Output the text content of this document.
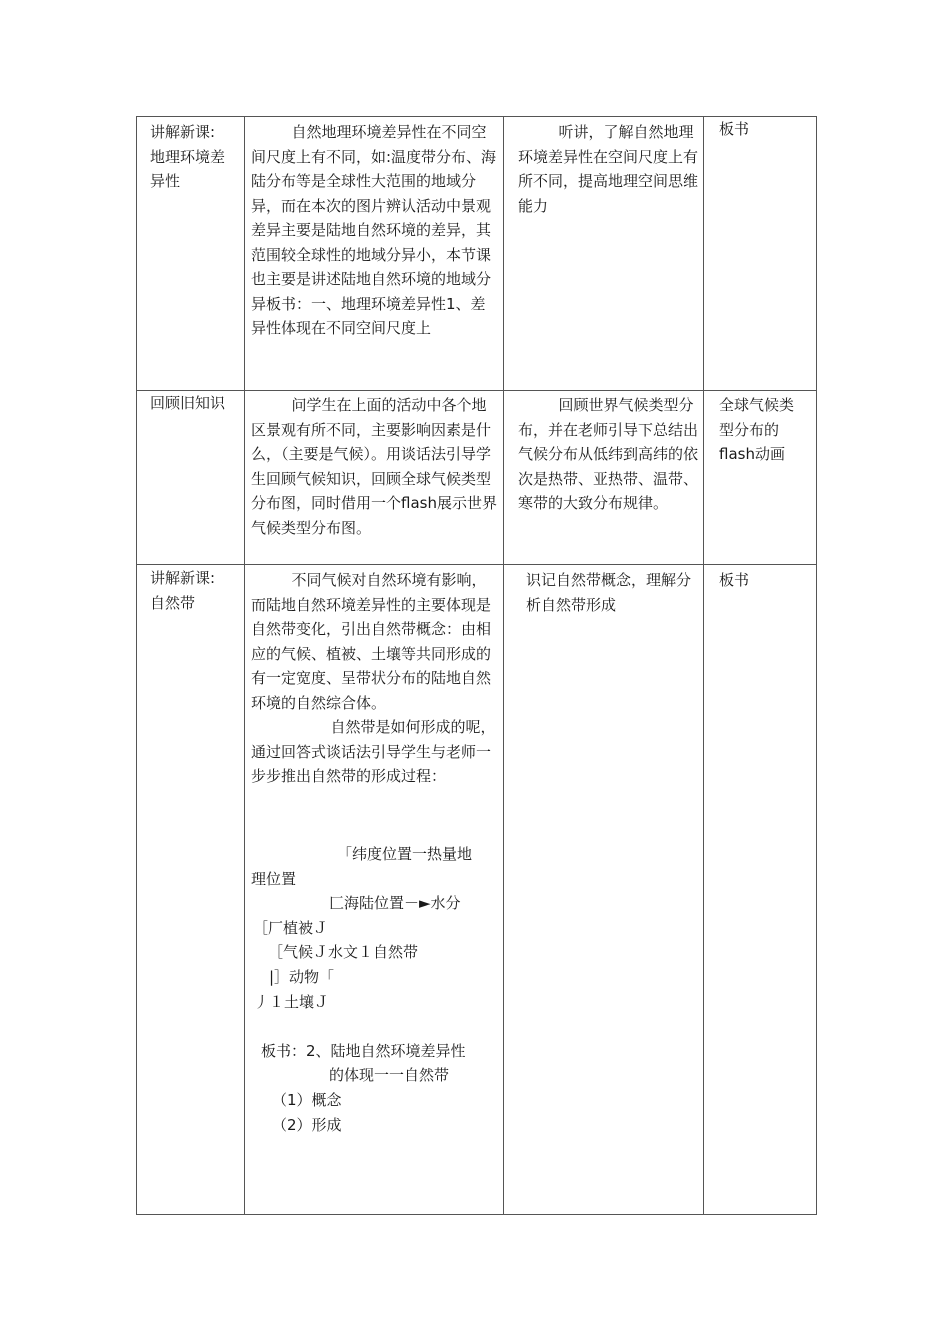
讲解新课:

地理环境差

异性

自然地理环境差异性在不同空间尺度上有不同，如:温度带分布、海陆分布等是全球性大范围的地域分异，而在本次的图片辨认活动中景观差异主要是陆地自然环境的差异，其范围较全球性的地域分异小，本节课也主要是讲述陆地自然环境的地域分异板书：一、地理环境差异性1、差异性体现在不同空间尺度上

听讲，了解自然地理环境差异性在空间尺度上有所不同，提高地理空间思维能力

板书

回顾旧知识	问学生在上面的活动中各个地区景观有所不同，主要影响因素是什么，（主要是气候）。用谈话法引导学生回顾气候知识，回顾全球气候类型分布图，同时借用一个flash展示世界气候类型分布图。

回顾世界气候类型分布，并在老师引导下总结出气候分布从低纬到高纬的依次是热带、亚热带、温带、寒带的大致分布规律。

全球气候类

型分布的

flash动画

讲解新课:

自然带

不同气候对自然环境有影响，而陆地自然环境差异性的主要体现是自然带变化，引出自然带概念：由相应的气候、植被、土壤等共同形成的有一定宽度、呈带状分布的陆地自然环境的自然综合体。

自然带是如何形成的呢，通过回答式谈话法引导学生与老师一步步推出自然带的形成过程：

识记自然带概念，理解分析自然带形成

板书

「纬度位置一热量地
理位置
匚海陆位置－►水分
［厂植被Ｊ
［气候Ｊ水文１自然带
|］动物「
丿１土壤Ｊ
板书：2、陆地自然环境差异性
的体现一一自然带
（1）概念
（2）形成
